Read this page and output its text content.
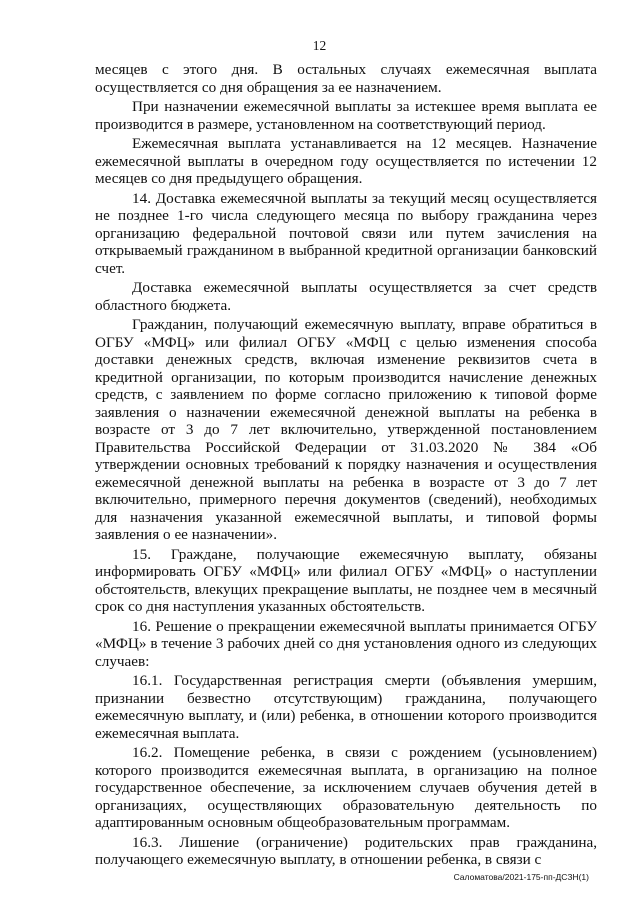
12

месяцев с этого дня. В остальных случаях ежемесячная выплата осуществляется со дня обращения за ее назначением.

При назначении ежемесячной выплаты за истекшее время выплата ее производится в размере, установленном на соответствующий период.

Ежемесячная выплата устанавливается на 12 месяцев. Назначение ежемесячной выплаты в очередном году осуществляется по истечении 12 месяцев со дня предыдущего обращения.

14. Доставка ежемесячной выплаты за текущий месяц осуществляется не позднее 1-го числа следующего месяца по выбору гражданина через организацию федеральной почтовой связи или путем зачисления на открываемый гражданином в выбранной кредитной организации банковский счет.

Доставка ежемесячной выплаты осуществляется за счет средств областного бюджета.

Гражданин, получающий ежемесячную выплату, вправе обратиться в ОГБУ «МФЦ» или филиал ОГБУ «МФЦ с целью изменения способа доставки денежных средств, включая изменение реквизитов счета в кредитной организации, по которым производится начисление денежных средств, с заявлением по форме согласно приложению к типовой форме заявления о назначении ежемесячной денежной выплаты на ребенка в возрасте от 3 до 7 лет включительно, утвержденной постановлением Правительства Российской Федерации от 31.03.2020 № 384 «Об утверждении основных требований к порядку назначения и осуществления ежемесячной денежной выплаты на ребенка в возрасте от 3 до 7 лет включительно, примерного перечня документов (сведений), необходимых для назначения указанной ежемесячной выплаты, и типовой формы заявления о ее назначении».

15. Граждане, получающие ежемесячную выплату, обязаны информировать ОГБУ «МФЦ» или филиал ОГБУ «МФЦ» о наступлении обстоятельств, влекущих прекращение выплаты, не позднее чем в месячный срок со дня наступления указанных обстоятельств.

16. Решение о прекращении ежемесячной выплаты принимается ОГБУ «МФЦ» в течение 3 рабочих дней со дня установления одного из следующих случаев:

16.1. Государственная регистрация смерти (объявления умершим, признании безвестно отсутствующим) гражданина, получающего ежемесячную выплату, и (или) ребенка, в отношении которого производится ежемесячная выплата.

16.2. Помещение ребенка, в связи с рождением (усыновлением) которого производится ежемесячная выплата, в организацию на полное государственное обеспечение, за исключением случаев обучения детей в организациях, осуществляющих образовательную деятельность по адаптированным основным общеобразовательным программам.

16.3. Лишение (ограничение) родительских прав гражданина, получающего ежемесячную выплату, в отношении ребенка, в связи с

Саломатова/2021-175-пп-ДСЗН(1)
